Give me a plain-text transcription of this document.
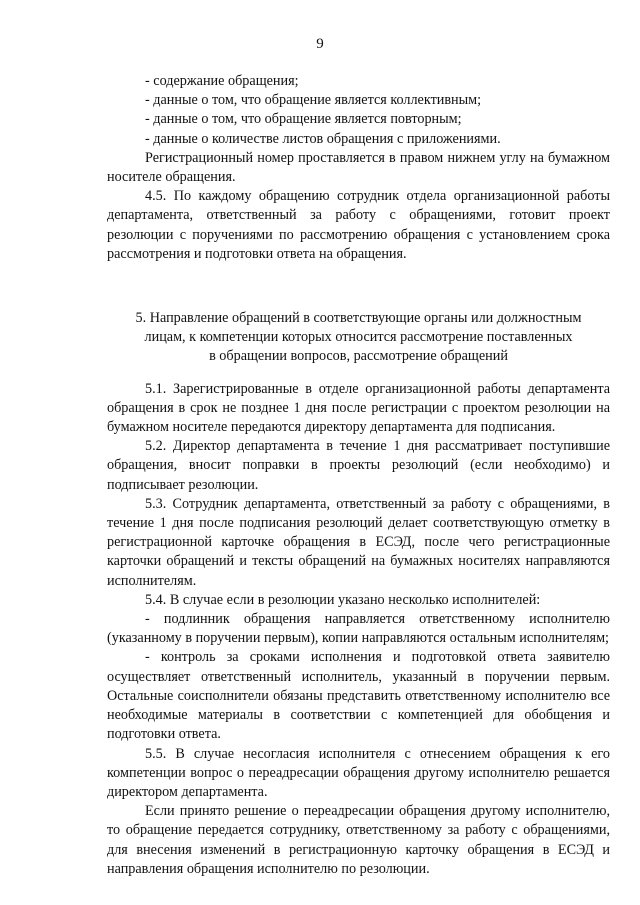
9

- содержание обращения;

- данные о том, что обращение является коллективным;

- данные о том, что обращение является повторным;

- данные о количестве листов обращения с приложениями.

Регистрационный номер проставляется в правом нижнем углу на бумажном носителе обращения.

4.5. По каждому обращению сотрудник отдела организационной работы департамента, ответственный за работу с обращениями, готовит проект резолюции с поручениями по рассмотрению обращения с установлением срока рассмотрения и подготовки ответа на обращения.

5. Направление обращений в соответствующие органы или должностным
лицам, к компетенции которых относится рассмотрение поставленных
в обращении вопросов, рассмотрение обращений

5.1. Зарегистрированные в отделе организационной работы департамента обращения в срок не позднее 1 дня после регистрации с проектом резолюции на бумажном носителе передаются директору департамента для подписания.

5.2. Директор департамента в течение 1 дня рассматривает поступившие обращения, вносит поправки в проекты резолюций (если необходимо) и подписывает резолюции.

5.3. Сотрудник департамента, ответственный за работу с обращениями, в течение 1 дня после подписания резолюций делает соответствующую отметку в регистрационной карточке обращения в ЕСЭД, после чего регистрационные карточки обращений и тексты обращений на бумажных носителях направляются исполнителям.

5.4. В случае если в резолюции указано несколько исполнителей:

- подлинник обращения направляется ответственному исполнителю (указанному в поручении первым), копии направляются остальным исполнителям;

- контроль за сроками исполнения и подготовкой ответа заявителю осуществляет ответственный исполнитель, указанный в поручении первым. Остальные соисполнители обязаны представить ответственному исполнителю все необходимые материалы в соответствии с компетенцией для обобщения и подготовки ответа.

5.5. В случае несогласия исполнителя с отнесением обращения к его компетенции вопрос о переадресации обращения другому исполнителю решается директором департамента.

Если принято решение о переадресации обращения другому исполнителю, то обращение передается сотруднику, ответственному за работу с обращениями, для внесения изменений в регистрационную карточку обращения в ЕСЭД и направления обращения исполнителю по резолюции.
